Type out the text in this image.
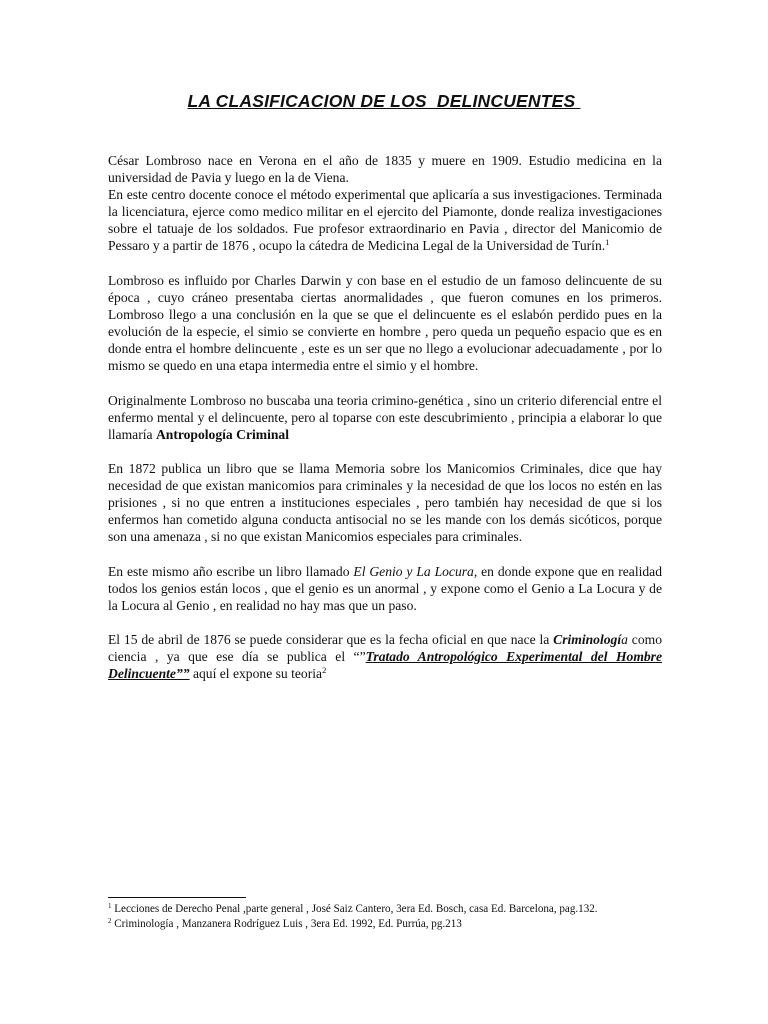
LA CLASIFICACION DE LOS  DELINCUENTES

César Lombroso nace en Verona en el año de 1835 y muere en 1909. Estudio medicina en la universidad de Pavia y luego en la de Viena.

En este centro docente conoce el método experimental que aplicaría a sus investigaciones. Terminada la licenciatura, ejerce como medico militar en el ejercito del Piamonte, donde realiza investigaciones sobre el tatuaje de los soldados. Fue profesor extraordinario en Pavia , director del Manicomio de Pessaro y a partir de 1876 , ocupo la cátedra de Medicina Legal de la Universidad de Turín.$^1$

Lombroso es influido por Charles Darwin y con base en el estudio de un famoso delincuente de su época , cuyo cráneo presentaba ciertas anormalidades , que fueron comunes en los primeros. Lombroso llego a una conclusión en la que se que el delincuente es el eslabón perdido pues en la evolución de la especie, el simio se convierte en hombre , pero queda un pequeño espacio que es en donde entra el hombre delincuente , este es un ser que no llego a evolucionar adecuadamente , por lo mismo se quedo en una etapa intermedia entre el simio y el hombre.

Originalmente Lombroso no buscaba una teoria crimino-genética , sino un criterio diferencial entre el enfermo mental y el delincuente, pero al toparse con este descubrimiento , principia a elaborar lo que llamaría Antropología Criminal

En 1872 publica un libro que se llama Memoria sobre los Manicomios Criminales, dice que hay necesidad de que existan manicomios para criminales y la necesidad de que los locos no estén en las prisiones , si no que entren a instituciones especiales , pero también hay necesidad de que si los enfermos han cometido alguna conducta antisocial no se les mande con los demás sicóticos, porque son una amenaza , si no que existan Manicomios especiales para criminales.

En este mismo año escribe un libro llamado El Genio y La Locura, en donde expone que en realidad todos los genios están locos , que el genio es un anormal , y expone como el Genio a La Locura y de la Locura al Genio , en realidad no hay mas que un paso.

El 15 de abril de 1876 se puede considerar que es la fecha oficial en que nace la Criminología como ciencia , ya que ese día se publica el “”Tratado Antropológico Experimental del Hombre Delincuente”” aquí el expone su teoria$^2$

$^1$ Lecciones de Derecho Penal ,parte general , José Saiz Cantero, 3era Ed. Bosch, casa Ed. Barcelona, pag.132.
$^2$ Criminología , Manzanera Rodríguez Luis , 3era Ed. 1992, Ed. Purrúa, pg.213
